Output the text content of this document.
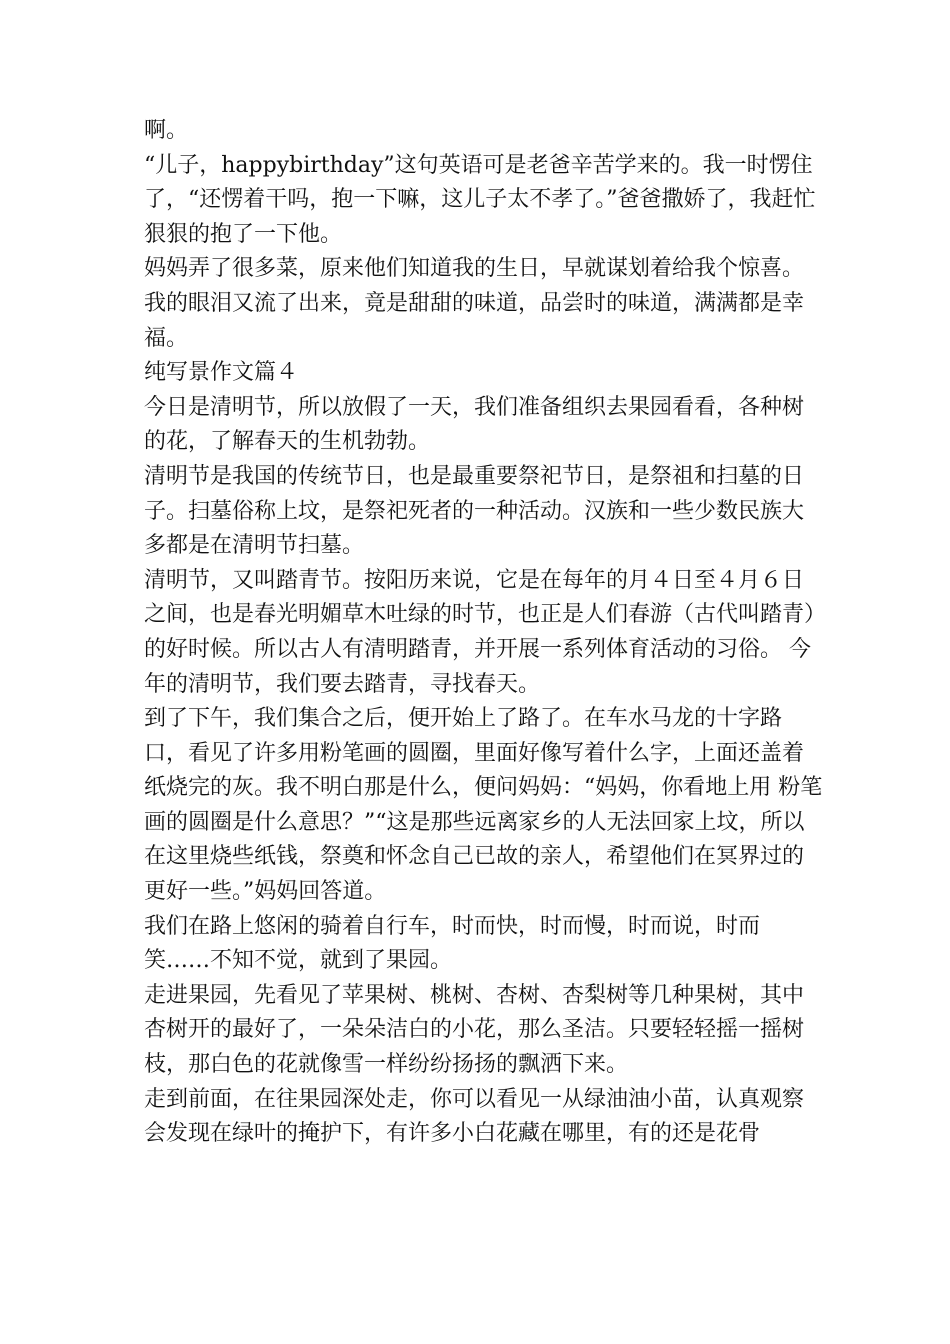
啊。

“儿子，happybirthday”这句英语可是老爸辛苦学来的。我一时愣住了，“还愣着干吗，抱一下嘛，这儿子太不孝了。”爸爸撒娇了，我赶忙狠狠的抱了一下他。

妈妈弄了很多菜，原来他们知道我的生日，早就谋划着给我个惊喜。我的眼泪又流了出来，竟是甜甜的味道，品尝时的味道，满满都是幸福。

纯写景作文篇４

今日是清明节，所以放假了一天，我们准备组织去果园看看，各种树的花，了解春天的生机勃勃。

清明节是我国的传统节日，也是最重要祭祀节日，是祭祖和扫墓的日子。扫墓俗称上坟，是祭祀死者的一种活动。汉族和一些少数民族大多都是在清明节扫墓。

清明节，又叫踏青节。按阳历来说，它是在每年的月４日至４月６日之间，也是春光明媚草木吐绿的时节，也正是人们春游（古代叫踏青）的好时候。所以古人有清明踏青，并开展一系列体育活动的习俗。 今年的清明节，我们要去踏青，寻找春天。

到了下午，我们集合之后，便开始上了路了。在车水马龙的十字路口，看见了许多用粉笔画的圆圈，里面好像写着什么字，上面还盖着纸烧完的灰。我不明白那是什么，便问妈妈：“妈妈，你看地上用 粉笔画的圆圈是什么意思？”“这是那些远离家乡的人无法回家上坟，所以在这里烧些纸钱，祭奠和怀念自己已故的亲人，希望他们在冥界过的更好一些。”妈妈回答道。

我们在路上悠闲的骑着自行车，时而快，时而慢，时而说，时而笑……不知不觉，就到了果园。

走进果园，先看见了苹果树、桃树、杏树、杏梨树等几种果树，其中杏树开的最好了，一朵朵洁白的小花，那么圣洁。只要轻轻摇一摇树枝，那白色的花就像雪一样纷纷扬扬的飘洒下来。

走到前面，在往果园深处走，你可以看见一从绿油油小苗，认真观察会发现在绿叶的掩护下，有许多小白花藏在哪里，有的还是花骨
